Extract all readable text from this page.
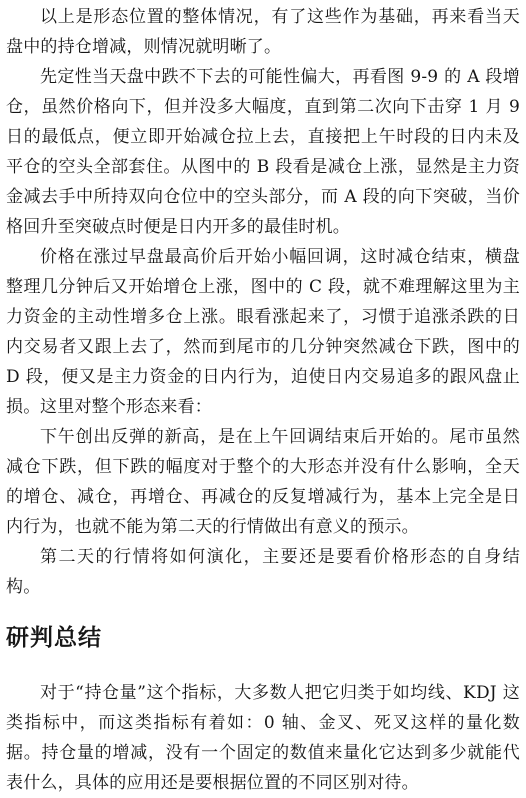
以上是形态位置的整体情况，有了这些作为基础，再来看当天盘中的持仓增减，则情况就明晰了。

先定性当天盘中跌不下去的可能性偏大，再看图 9-9 的 A 段增仓，虽然价格向下，但并没多大幅度，直到第二次向下击穿 1 月 9 日的最低点，便立即开始减仓拉上去，直接把上午时段的日内未及平仓的空头全部套住。从图中的 B 段看是减仓上涨，显然是主力资金减去手中所持双向仓位中的空头部分，而 A 段的向下突破，当价格回升至突破点时便是日内开多的最佳时机。

价格在涨过早盘最高价后开始小幅回调，这时减仓结束，横盘整理几分钟后又开始增仓上涨，图中的 C 段，就不难理解这里为主力资金的主动性增多仓上涨。眼看涨起来了，习惯于追涨杀跌的日内交易者又跟上去了，然而到尾市的几分钟突然减仓下跌，图中的 D 段，便又是主力资金的日内行为，迫使日内交易追多的跟风盘止损。 这里对整个形态来看：

下午创出反弹的新高，是在上午回调结束后开始的。尾市虽然减仓下跌，但下跌的幅度对于整个的大形态并没有什么影响，全天的增仓、减仓，再增仓、再减仓的反复增减行为，基本上完全是日内行为，也就不能为第二天的行情做出有意义的预示。

第二天的行情将如何演化，主要还是要看价格形态的自身结构。

研判总结

对于“持仓量”这个指标，大多数人把它归类于如均线、KDJ 这类指标中，而这类指标有着如：0 轴、金叉、死叉这样的量化数据。持仓量的增减，没有一个固定的数值来量化它达到多少就能代表什么，具体的应用还是要根据位置的不同区别对待。
